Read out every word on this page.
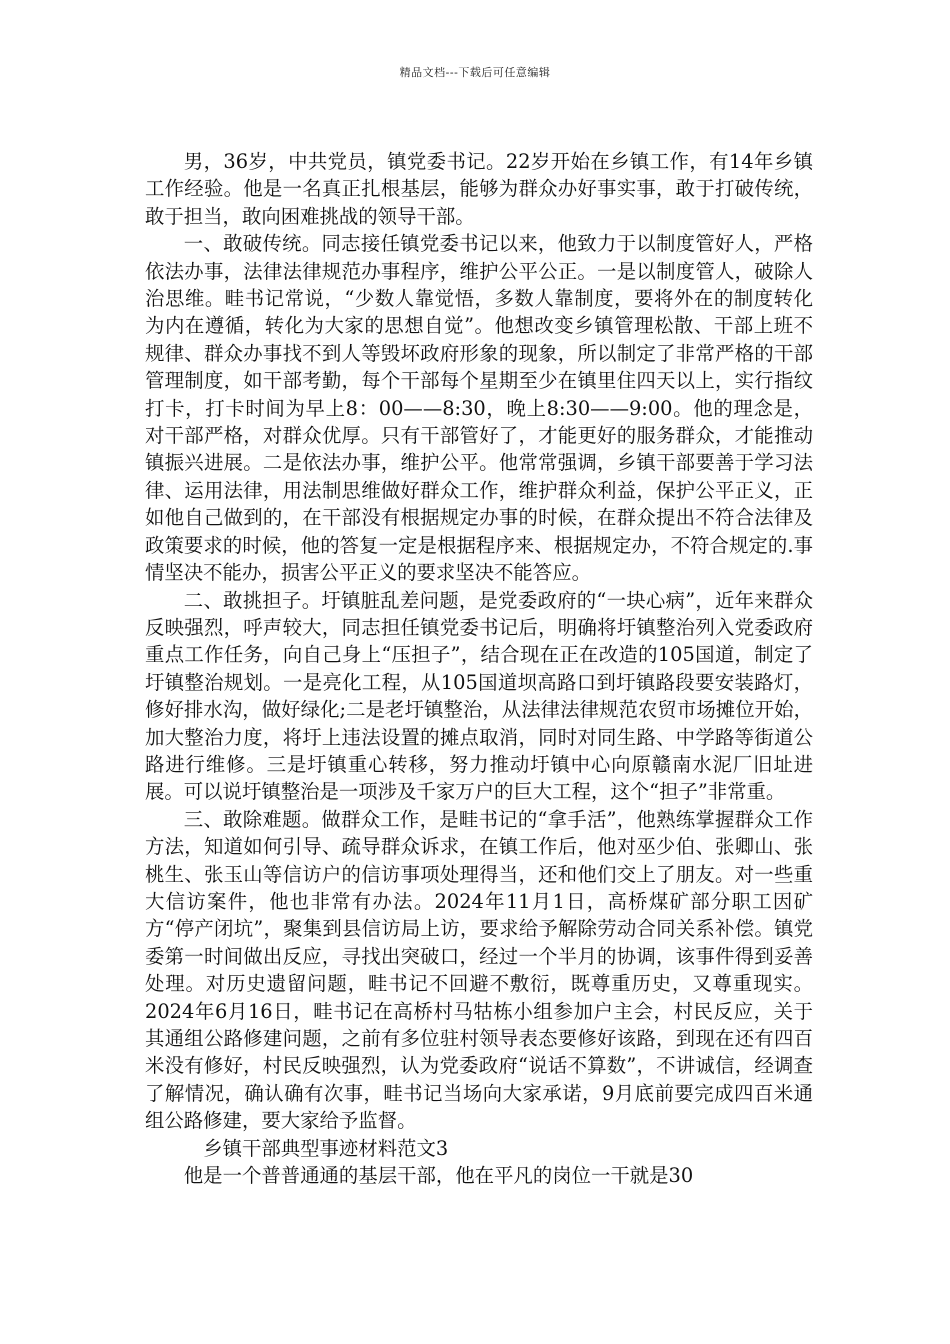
精品文档---下载后可任意编辑

男，36岁，中共党员，镇党委书记。22岁开始在乡镇工作，有14年乡镇工作经验。他是一名真正扎根基层，能够为群众办好事实事，敢于打破传统，敢于担当，敢向困难挑战的领导干部。

一、敢破传统。同志接任镇党委书记以来，他致力于以制度管好人，严格依法办事，法律法律规范办事程序，维护公平公正。一是以制度管人，破除人治思维。畦书记常说，“少数人靠觉悟，多数人靠制度，要将外在的制度转化为内在遵循，转化为大家的思想自觉”。他想改变乡镇管理松散、干部上班不规律、群众办事找不到人等毁坏政府形象的现象，所以制定了非常严格的干部管理制度，如干部考勤，每个干部每个星期至少在镇里住四天以上，实行指纹打卡，打卡时间为早上8：00——8:30，晚上8:30——9:00。他的理念是，对干部严格，对群众优厚。只有干部管好了，才能更好的服务群众，才能推动镇振兴进展。二是依法办事，维护公平。他常常强调，乡镇干部要善于学习法律、运用法律，用法制思维做好群众工作，维护群众利益，保护公平正义，正如他自己做到的，在干部没有根据规定办事的时候，在群众提出不符合法律及政策要求的时候，他的答复一定是根据程序来、根据规定办，不符合规定的.事情坚决不能办，损害公平正义的要求坚决不能答应。

二、敢挑担子。圩镇脏乱差问题，是党委政府的“一块心病”，近年来群众反映强烈，呼声较大，同志担任镇党委书记后，明确将圩镇整治列入党委政府重点工作任务，向自己身上“压担子”，结合现在正在改造的105国道，制定了圩镇整治规划。一是亮化工程，从105国道坝高路口到圩镇路段要安装路灯，修好排水沟，做好绿化;二是老圩镇整治，从法律法律规范农贸市场摊位开始，加大整治力度，将圩上违法设置的摊点取消，同时对同生路、中学路等街道公路进行维修。三是圩镇重心转移，努力推动圩镇中心向原赣南水泥厂旧址进展。可以说圩镇整治是一项涉及千家万户的巨大工程，这个“担子”非常重。

三、敢除难题。做群众工作，是畦书记的“拿手活”，他熟练掌握群众工作方法，知道如何引导、疏导群众诉求，在镇工作后，他对巫少伯、张卿山、张桃生、张玉山等信访户的信访事项处理得当，还和他们交上了朋友。对一些重大信访案件，他也非常有办法。2024年11月1日，高桥煤矿部分职工因矿方“停产闭坑”，聚集到县信访局上访，要求给予解除劳动合同关系补偿。镇党委第一时间做出反应，寻找出突破口，经过一个半月的协调，该事件得到妥善处理。对历史遗留问题，畦书记不回避不敷衍，既尊重历史，又尊重现实。2024年6月16日，畦书记在高桥村马牯栋小组参加户主会，村民反应，关于其通组公路修建问题，之前有多位驻村领导表态要修好该路，到现在还有四百米没有修好，村民反映强烈，认为党委政府“说话不算数”，不讲诚信，经调查了解情况，确认确有次事，畦书记当场向大家承诺，9月底前要完成四百米通组公路修建，要大家给予监督。

乡镇干部典型事迹材料范文3

他是一个普普通通的基层干部，他在平凡的岗位一干就是30
